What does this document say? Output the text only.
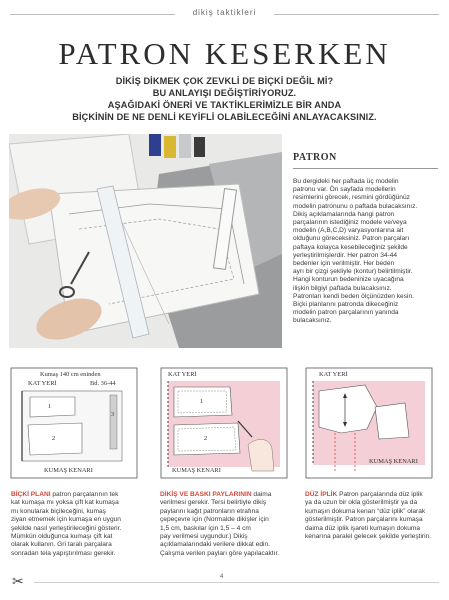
dikiş taktikleri
PATRON KESERKEN
DİKİŞ DİKMEK ÇOK ZEVKLİ DE BİÇKİ DEĞİL Mİ?
BU ANLAYIŞI DEĞİŞTİRİYORUZ.
AŞAĞIDAKİ ÖNERİ VE TAKTİKLERİMİZLE BİR ANDA
BİÇKİNİN DE NE DENLİ KEYİFLİ OLABİLECEĞİNİ ANLAYACAKSINIZ.
PATRON
Bu dergideki her paftada üç modelin
patronu var. Ön sayfada modellerin
resimlerini görecek, resmini gördüğünüz
modelin patronunu o paftada bulacaksınız.
Dikiş açıklamalarında hangi patron
parçalarının istediğiniz modele ve/veya
modelin (A,B,C,D) varyasyonlarına ait
olduğunu göreceksiniz. Patron parçaları
paftaya kolayca kesebileceğiniz şekilde
yerleştirilmişlerdir. Her patron 34-44
bedenler için verilmiştir. Her beden
ayrı bir çizgi şekliyle (kontur) belirtilmiştir.
Hangi konturun bedeninize uyacağına
ilişkin bilgiyi paftada bulacaksınız.
Patronları kendi beden ölçünüzden kesin.
Biçki planlarını patronda dikeceğiniz
modelin patron parçalarının yanında
bulacaksınız.
Kumaş 140 cm eninden
KAT YERİ	Bd. 36-44
1
2
3
KUMAŞ KENARI
KAT YERİ
1
2
KUMAŞ KENARI
KAT YERİ
KUMAŞ KENARI
BİÇKİ PLANI patron parçalarının tek
kat kumaşa mı yoksa çift kat kumaşa
mı konularak biçileceğini, kumaş
ziyan etmemek için kumaşa en uygun
şekilde nasıl yerleştirileceğini gösterir.
Mümkün olduğunca kumaşı çift kat
olarak kullanın. Gri taralı parçalara
sonradan tela yapıştırılması gerekir.
DİKİŞ VE BASKI PAYLARININ daima
verilmesi gerekir. Tersi belirtiyle dikiş
paylarını kağıt patronların etrafına
çepeçevre için (Normalde dikişler için
1,5 cm, baskılar için 1,5 – 4 cm
pay verilmesi uygundur.) Dikiş
açıklamalarındaki verilere dikkat edin.
Çalışma verilen payları göre yapılacaktır.
DÜZ İPLİK Patron parçalarında düz iplik
ya da uzun bir okla gösterilmiştir ya da
kumaşın dokuma kenarı “düz iplik” olarak
gösterilmiştir. Patron parçalarını kumaşa
daima düz iplik işareti kumaşın dokuma
kenarına paralel gelecek şekilde yerleştirin.
✂	4
